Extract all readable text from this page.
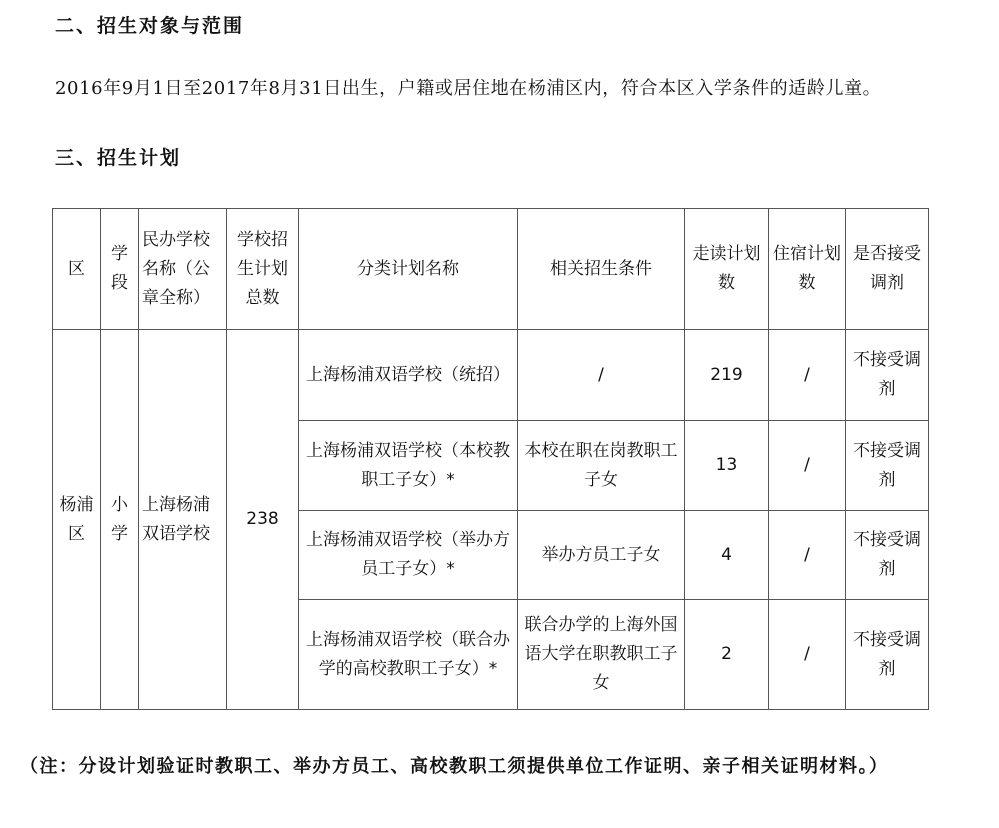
二、招生对象与范围
2016年9月1日至2017年8月31日出生，户籍或居住地在杨浦区内，符合本区入学条件的适龄儿童。
三、招生计划
区	学段	民办学校名称（公章全称）	学校招生计划总数	分类计划名称	相关招生条件	走读计划数	住宿计划数	是否接受调剂
杨浦区	小学	上海杨浦双语学校	238	上海杨浦双语学校（统招）	/	219	/	不接受调剂
				上海杨浦双语学校（本校教职工子女）*	本校在职在岗教职工子女	13	/	不接受调剂
				上海杨浦双语学校（举办方员工子女）*	举办方员工子女	4	/	不接受调剂
				上海杨浦双语学校（联合办学的高校教职工子女）*	联合办学的上海外国语大学在职教职工子女	2	/	不接受调剂
（注：分设计划验证时教职工、举办方员工、高校教职工须提供单位工作证明、亲子相关证明材料。）
